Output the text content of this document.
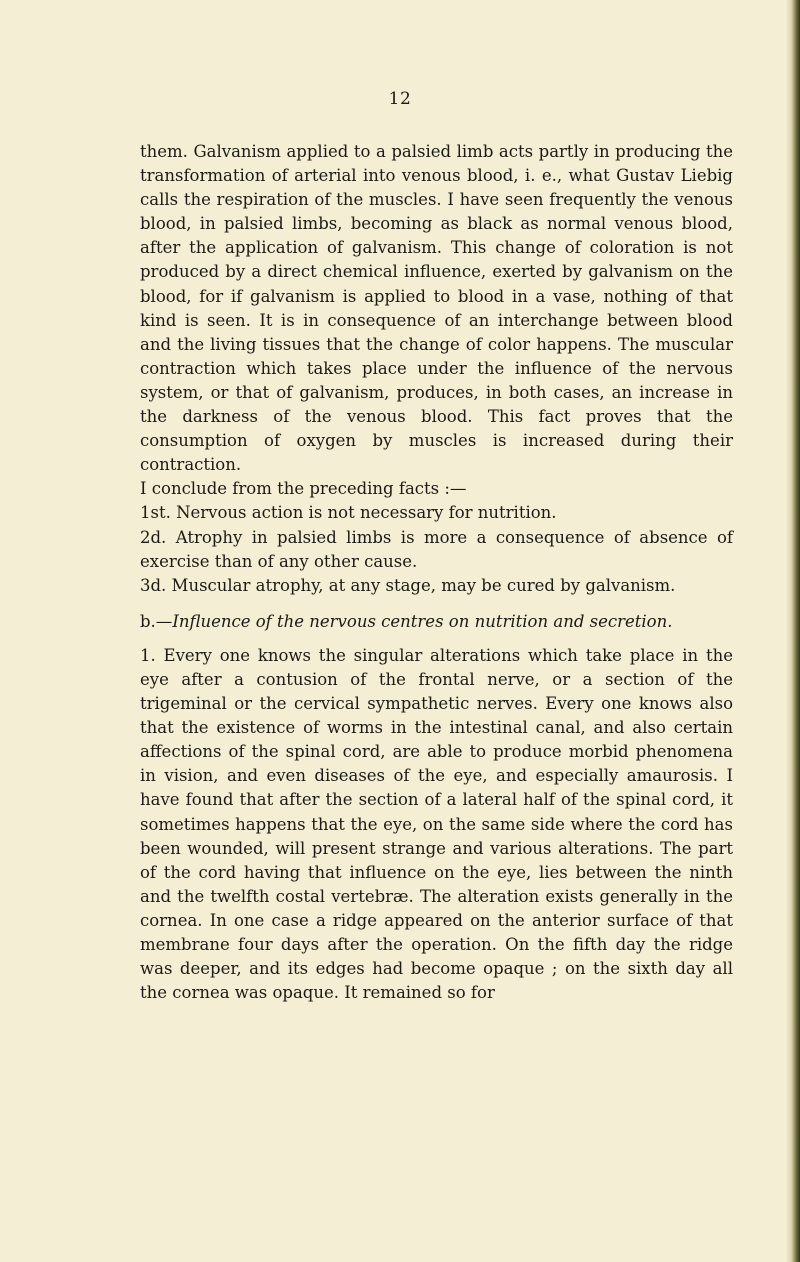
12

them. Galvanism applied to a palsied limb acts partly in producing the transformation of arterial into venous blood, i. e., what Gustav Liebig calls the respiration of the muscles. I have seen frequently the venous blood, in palsied limbs, becoming as black as normal venous blood, after the application of galvanism. This change of coloration is not produced by a direct chemical influence, exerted by galvanism on the blood, for if galvanism is applied to blood in a vase, nothing of that kind is seen. It is in consequence of an interchange between blood and the living tissues that the change of color happens. The muscular contraction which takes place under the influence of the nervous system, or that of galvanism, produces, in both cases, an increase in the darkness of the venous blood. This fact proves that the consumption of oxygen by muscles is increased during their contraction.

I conclude from the preceding facts :—

1st. Nervous action is not necessary for nutrition.

2d. Atrophy in palsied limbs is more a consequence of absence of exercise than of any other cause.

3d. Muscular atrophy, at any stage, may be cured by galvanism.

b.—Influence of the nervous centres on nutrition and secretion.

1. Every one knows the singular alterations which take place in the eye after a contusion of the frontal nerve, or a section of the trigeminal or the cervical sympathetic nerves. Every one knows also that the existence of worms in the intestinal canal, and also certain affections of the spinal cord, are able to produce morbid phenomena in vision, and even diseases of the eye, and especially amaurosis. I have found that after the section of a lateral half of the spinal cord, it sometimes happens that the eye, on the same side where the cord has been wounded, will present strange and various alterations. The part of the cord having that influence on the eye, lies between the ninth and the twelfth costal vertebræ. The alteration exists generally in the cornea. In one case a ridge appeared on the anterior surface of that membrane four days after the operation. On the fifth day the ridge was deeper, and its edges had become opaque ; on the sixth day all the cornea was opaque. It remained so for
